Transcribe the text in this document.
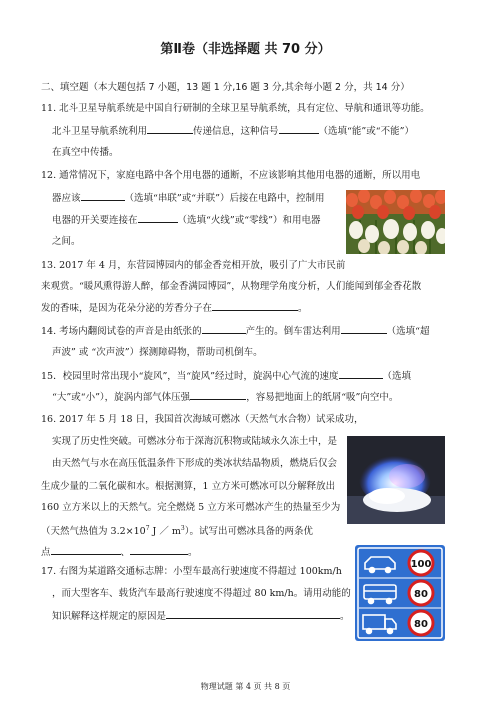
第Ⅱ卷（非选择题 共 70 分）
二、填空题（本大题包括 7 小题，13 题 1 分,16 题 3 分,其余每小题 2 分，共 14 分）
11. 北斗卫星导航系统是中国自行研制的全球卫星导航系统，具有定位、导航和通讯等功能。
北斗卫星导航系统利用	传递信息，这种信号	（选填“能”或“不能”）
在真空中传播。
12. 通常情况下，家庭电路中各个用电器的通断，不应该影响其他用电器的通断，所以用电
器应该	（选填“串联”或“并联”）后接在电路中，控制用
电器的开关要连接在	（选填“火线”或“零线”）和用电器
之间。
13. 2017 年 4 月，东营园博园内的郁金香竞相开放，吸引了广大市民前
来观赏。“暖风熏得游人醉，郁金香满园博园”，从物理学角度分析，人们能闻到郁金香花散
发的香味，是因为花朵分泌的芳香分子在	。
14. 考场内翻阅试卷的声音是由纸张的	产生的。倒车雷达利用	（选填“超
声波” 或 “次声波”）探测障碍物，帮助司机倒车。
15．校园里时常出现小“旋风”，当“旋风”经过时，旋涡中心气流的速度	（选填
“大”或“小”），旋涡内部气体压强	，容易把地面上的纸屑“吸”向空中。
16. 2017 年 5 月 18 日，我国首次海域可燃冰（天然气水合物）试采成功，
实现了历史性突破。可燃冰分布于深海沉积物或陆域永久冻土中，是
由天然气与水在高压低温条件下形成的类冰状结晶物质，燃烧后仅会
生成少量的二氧化碳和水。根据测算，1 立方米可燃冰可以分解释放出
160 立方米以上的天然气。完全燃烧 5 立方米可燃冰产生的热量至少为
（天然气热值为 $3.2\times 10^7$ J ／ $m^3$）。试写出可燃冰具备的两条优
点	、	。
17. 右图为某道路交通标志牌：小型车最高行驶速度不得超过 100km/h
，而大型客车、载货汽车最高行驶速度不得超过 80 km/h。请用动能的
知识解释这样规定的原因是	。
100
80
80
物理试题 第 4 页 共 8 页
